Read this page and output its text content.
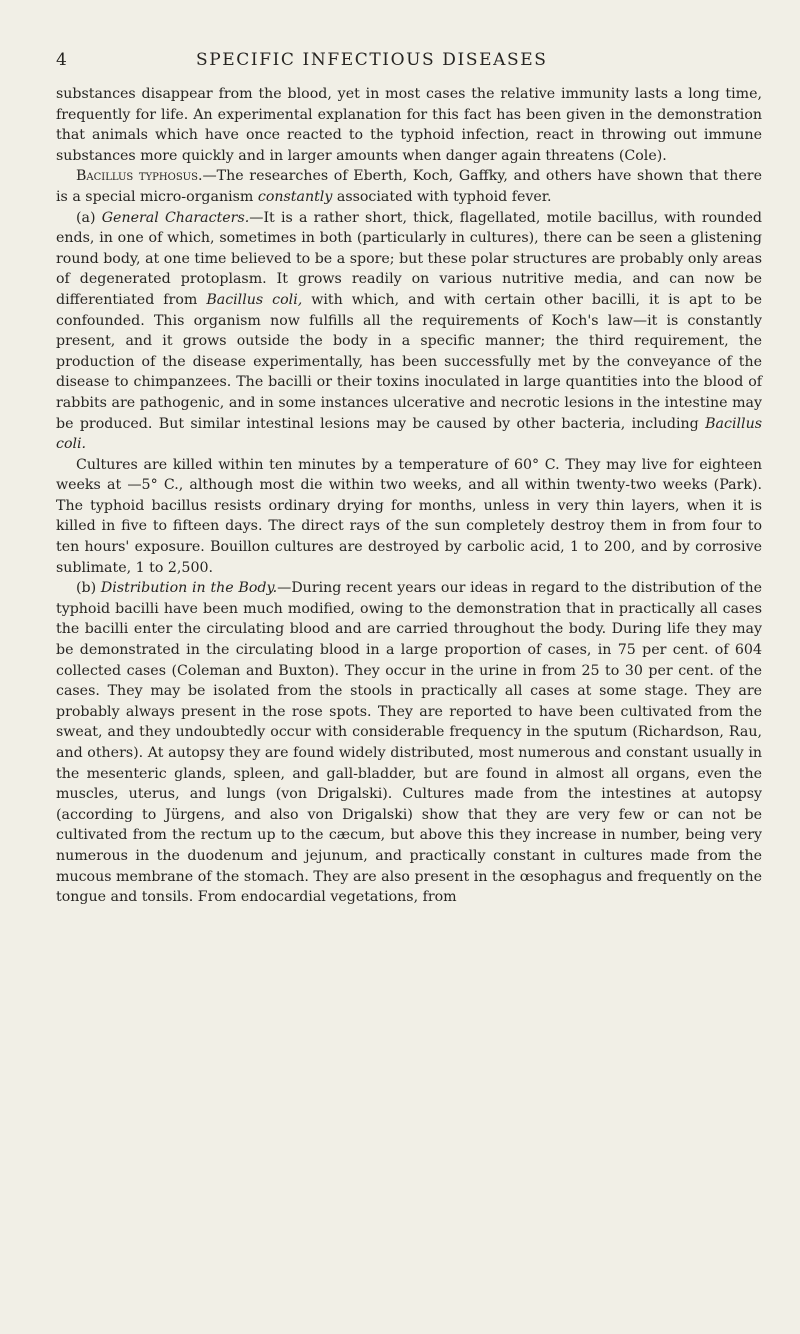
4	SPECIFIC INFECTIOUS DISEASES

substances disappear from the blood, yet in most cases the relative immunity lasts a long time, frequently for life. An experimental explanation for this fact has been given in the demonstration that animals which have once reacted to the typhoid infection, react in throwing out immune substances more quickly and in larger amounts when danger again threatens (Cole).

Bacillus typhosus.—The researches of Eberth, Koch, Gaffky, and others have shown that there is a special micro-organism constantly associated with typhoid fever.

(a) General Characters.—It is a rather short, thick, flagellated, motile bacillus, with rounded ends, in one of which, sometimes in both (particularly in cultures), there can be seen a glistening round body, at one time believed to be a spore; but these polar structures are probably only areas of degenerated protoplasm. It grows readily on various nutritive media, and can now be differentiated from Bacillus coli, with which, and with certain other bacilli, it is apt to be confounded. This organism now fulfills all the requirements of Koch's law—it is constantly present, and it grows outside the body in a specific manner; the third requirement, the production of the disease experimentally, has been successfully met by the conveyance of the disease to chimpanzees. The bacilli or their toxins inoculated in large quantities into the blood of rabbits are pathogenic, and in some instances ulcerative and necrotic lesions in the intestine may be produced. But similar intestinal lesions may be caused by other bacteria, including Bacillus coli.

Cultures are killed within ten minutes by a temperature of 60° C. They may live for eighteen weeks at —5° C., although most die within two weeks, and all within twenty-two weeks (Park). The typhoid bacillus resists ordinary drying for months, unless in very thin layers, when it is killed in five to fifteen days. The direct rays of the sun completely destroy them in from four to ten hours' exposure. Bouillon cultures are destroyed by carbolic acid, 1 to 200, and by corrosive sublimate, 1 to 2,500.

(b) Distribution in the Body.—During recent years our ideas in regard to the distribution of the typhoid bacilli have been much modified, owing to the demonstration that in practically all cases the bacilli enter the circulating blood and are carried throughout the body. During life they may be demonstrated in the circulating blood in a large proportion of cases, in 75 per cent. of 604 collected cases (Coleman and Buxton). They occur in the urine in from 25 to 30 per cent. of the cases. They may be isolated from the stools in practically all cases at some stage. They are probably always present in the rose spots. They are reported to have been cultivated from the sweat, and they undoubtedly occur with considerable frequency in the sputum (Richardson, Rau, and others). At autopsy they are found widely distributed, most numerous and constant usually in the mesenteric glands, spleen, and gall-bladder, but are found in almost all organs, even the muscles, uterus, and lungs (von Drigalski). Cultures made from the intestines at autopsy (according to Jürgens, and also von Drigalski) show that they are very few or can not be cultivated from the rectum up to the cæcum, but above this they increase in number, being very numerous in the duodenum and jejunum, and practically constant in cultures made from the mucous membrane of the stomach. They are also present in the œsophagus and frequently on the tongue and tonsils. From endocardial vegetations, from
